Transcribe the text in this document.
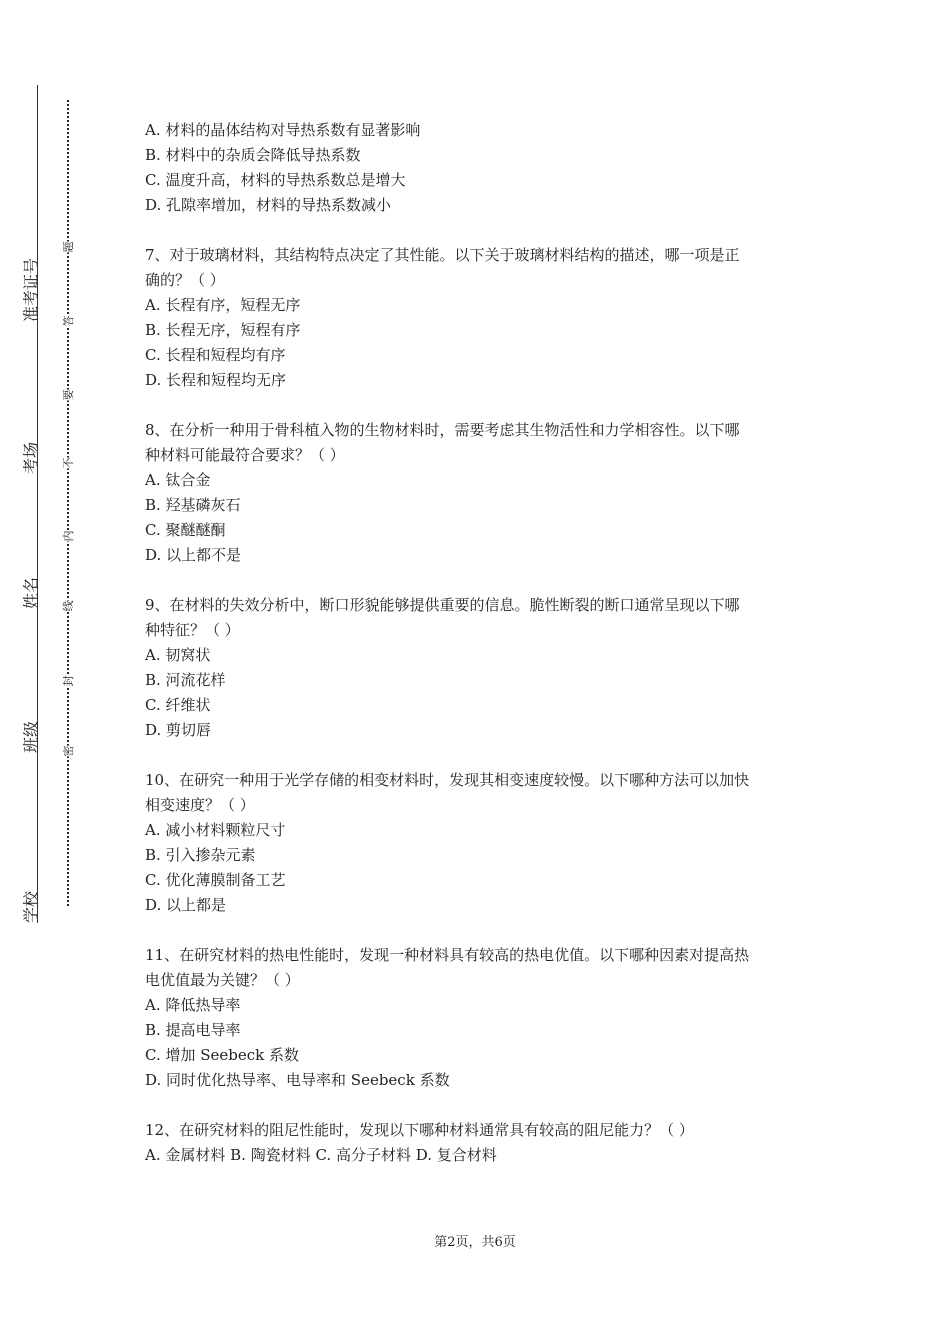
准考证号
考场
姓名
班级
学校
题
答
要
不
内
线
封
密
A. 材料的晶体结构对导热系数有显著影响
B. 材料中的杂质会降低导热系数
C. 温度升高，材料的导热系数总是增大
D. 孔隙率增加，材料的导热系数减小
7、对于玻璃材料，其结构特点决定了其性能。以下关于玻璃材料结构的描述，哪一项是正
确的？（ ）
A. 长程有序，短程无序
B. 长程无序，短程有序
C. 长程和短程均有序
D. 长程和短程均无序
8、在分析一种用于骨科植入物的生物材料时，需要考虑其生物活性和力学相容性。以下哪
种材料可能最符合要求？（ ）
A. 钛合金
B. 羟基磷灰石
C. 聚醚醚酮
D. 以上都不是
9、在材料的失效分析中，断口形貌能够提供重要的信息。脆性断裂的断口通常呈现以下哪
种特征？（ ）
A. 韧窝状
B. 河流花样
C. 纤维状
D. 剪切唇
10、在研究一种用于光学存储的相变材料时，发现其相变速度较慢。以下哪种方法可以加快
相变速度？（ ）
A. 减小材料颗粒尺寸
B. 引入掺杂元素
C. 优化薄膜制备工艺
D. 以上都是
11、在研究材料的热电性能时，发现一种材料具有较高的热电优值。以下哪种因素对提高热
电优值最为关键？（ ）
A. 降低热导率
B. 提高电导率
C. 增加 Seebeck 系数
D. 同时优化热导率、电导率和 Seebeck 系数
12、在研究材料的阻尼性能时，发现以下哪种材料通常具有较高的阻尼能力？（ ）
A. 金属材料 B. 陶瓷材料 C. 高分子材料 D. 复合材料
第2页，共6页
